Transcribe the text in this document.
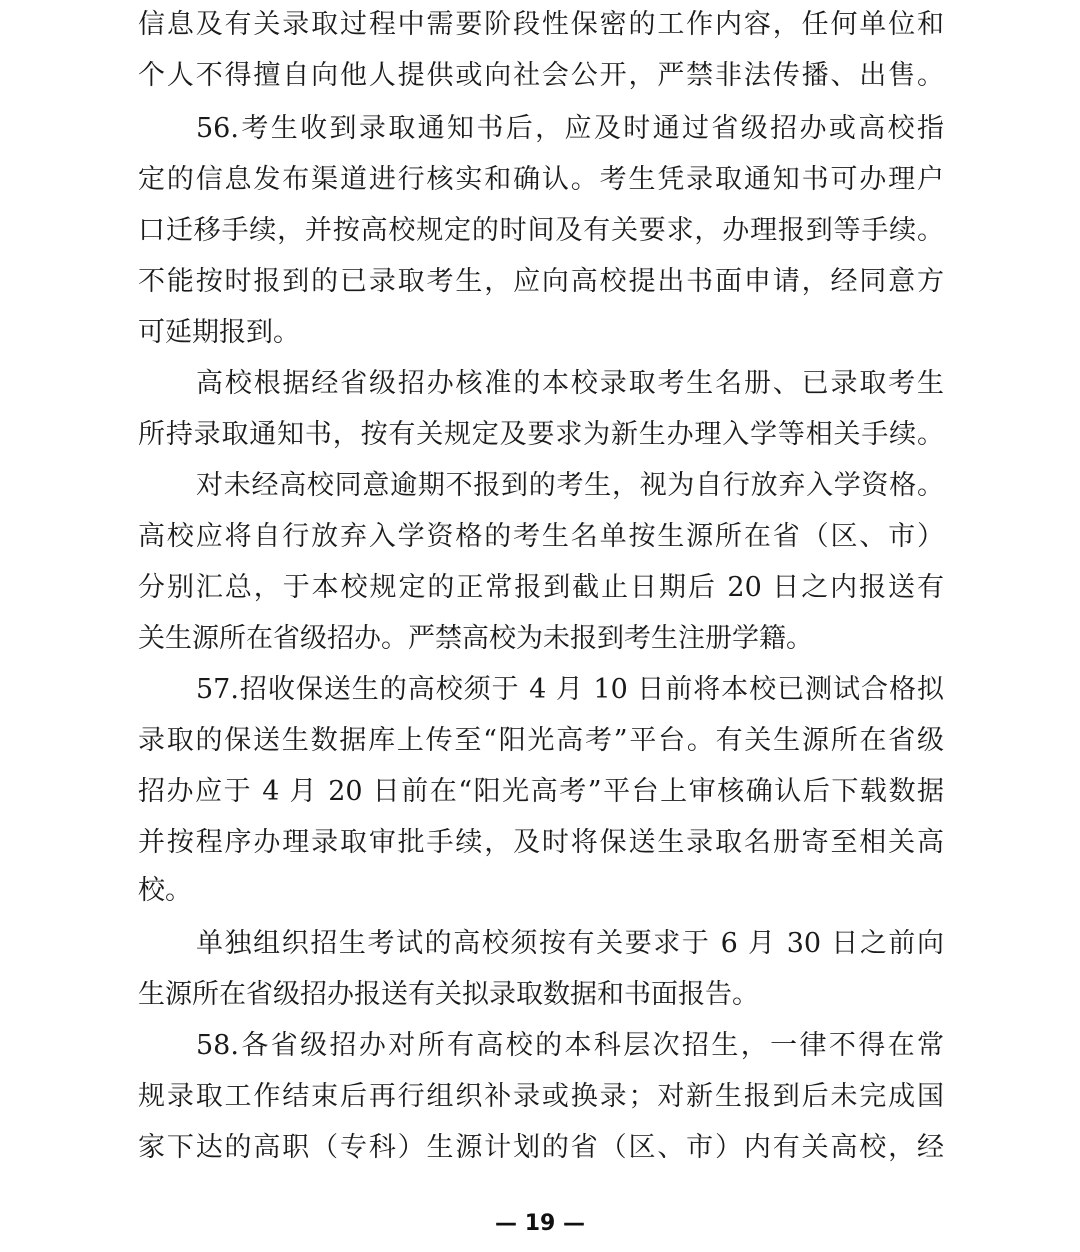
信息及有关录取过程中需要阶段性保密的工作内容，任何单位和
个人不得擅自向他人提供或向社会公开，严禁非法传播、出售。
56.考生收到录取通知书后，应及时通过省级招办或高校指
定的信息发布渠道进行核实和确认。考生凭录取通知书可办理户
口迁移手续，并按高校规定的时间及有关要求，办理报到等手续。
不能按时报到的已录取考生，应向高校提出书面申请，经同意方
可延期报到。
高校根据经省级招办核准的本校录取考生名册、已录取考生
所持录取通知书，按有关规定及要求为新生办理入学等相关手续。
对未经高校同意逾期不报到的考生，视为自行放弃入学资格。
高校应将自行放弃入学资格的考生名单按生源所在省（区、市）
分别汇总，于本校规定的正常报到截止日期后 20 日之内报送有
关生源所在省级招办。严禁高校为未报到考生注册学籍。
57.招收保送生的高校须于 4 月 10 日前将本校已测试合格拟
录取的保送生数据库上传至“阳光高考”平台。有关生源所在省级
招办应于 4 月 20 日前在“阳光高考”平台上审核确认后下载数据
并按程序办理录取审批手续，及时将保送生录取名册寄至相关高
校。
单独组织招生考试的高校须按有关要求于 6 月 30 日之前向
生源所在省级招办报送有关拟录取数据和书面报告。
58.各省级招办对所有高校的本科层次招生，一律不得在常
规录取工作结束后再行组织补录或换录；对新生报到后未完成国
家下达的高职（专科）生源计划的省（区、市）内有关高校，经
— 19 —
